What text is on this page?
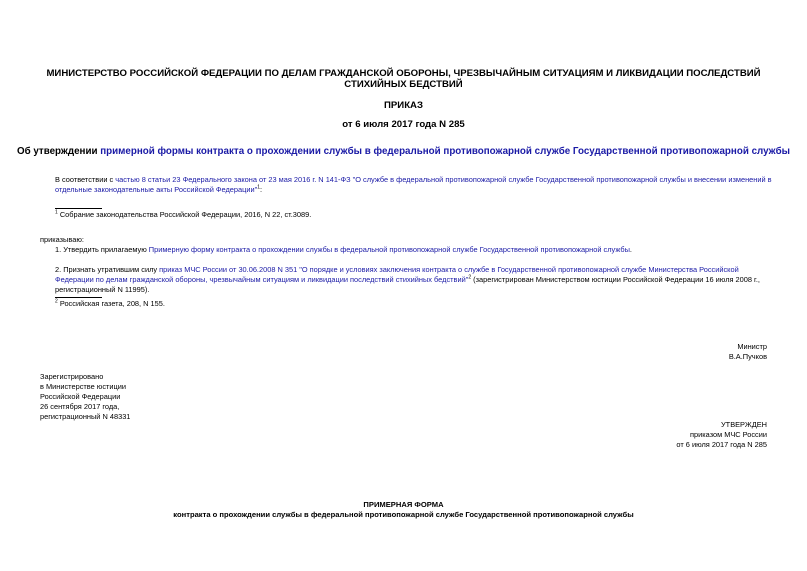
МИНИСТЕРСТВО РОССИЙСКОЙ ФЕДЕРАЦИИ ПО ДЕЛАМ ГРАЖДАНСКОЙ ОБОРОНЫ, ЧРЕЗВЫЧАЙНЫМ СИТУАЦИЯМ И ЛИКВИДАЦИИ ПОСЛЕДСТВИЙ СТИХИЙНЫХ БЕДСТВИЙ
ПРИКАЗ
от 6 июля 2017 года N 285
Об утверждении примерной формы контракта о прохождении службы в федеральной противопожарной службе Государственной противопожарной службы
В соответствии с частью 8 статьи 23 Федерального закона от 23 мая 2016 г. N 141-ФЗ "О службе в федеральной противопожарной службе Государственной противопожарной службы и внесении изменений в отдельные законодательные акты Российской Федерации"$^1$:
$^1$ Собрание законодательства Российской Федерации, 2016, N 22, ст.3089.
приказываю:
1. Утвердить прилагаемую Примерную форму контракта о прохождении службы в федеральной противопожарной службе Государственной противопожарной службы.
2. Признать утратившим силу приказ МЧС России от 30.06.2008 N 351 "О порядке и условиях заключения контракта о службе в Государственной противопожарной службе Министерства Российской Федерации по делам гражданской обороны, чрезвычайным ситуациям и ликвидации последствий стихийных бедствий"$^2$ (зарегистрирован Министерством юстиции Российской Федерации 16 июля 2008 г., регистрационный N 11995).
$^2$ Российская газета, 208, N 155.
Министр
В.А.Пучков
Зарегистрировано
в Министерстве юстиции
Российской Федерации
26 сентября 2017 года,
регистрационный N 48331
УТВЕРЖДЕН
приказом МЧС России
от 6 июля 2017 года N 285
ПРИМЕРНАЯ ФОРМА
контракта о прохождении службы в федеральной противопожарной службе Государственной противопожарной службы
